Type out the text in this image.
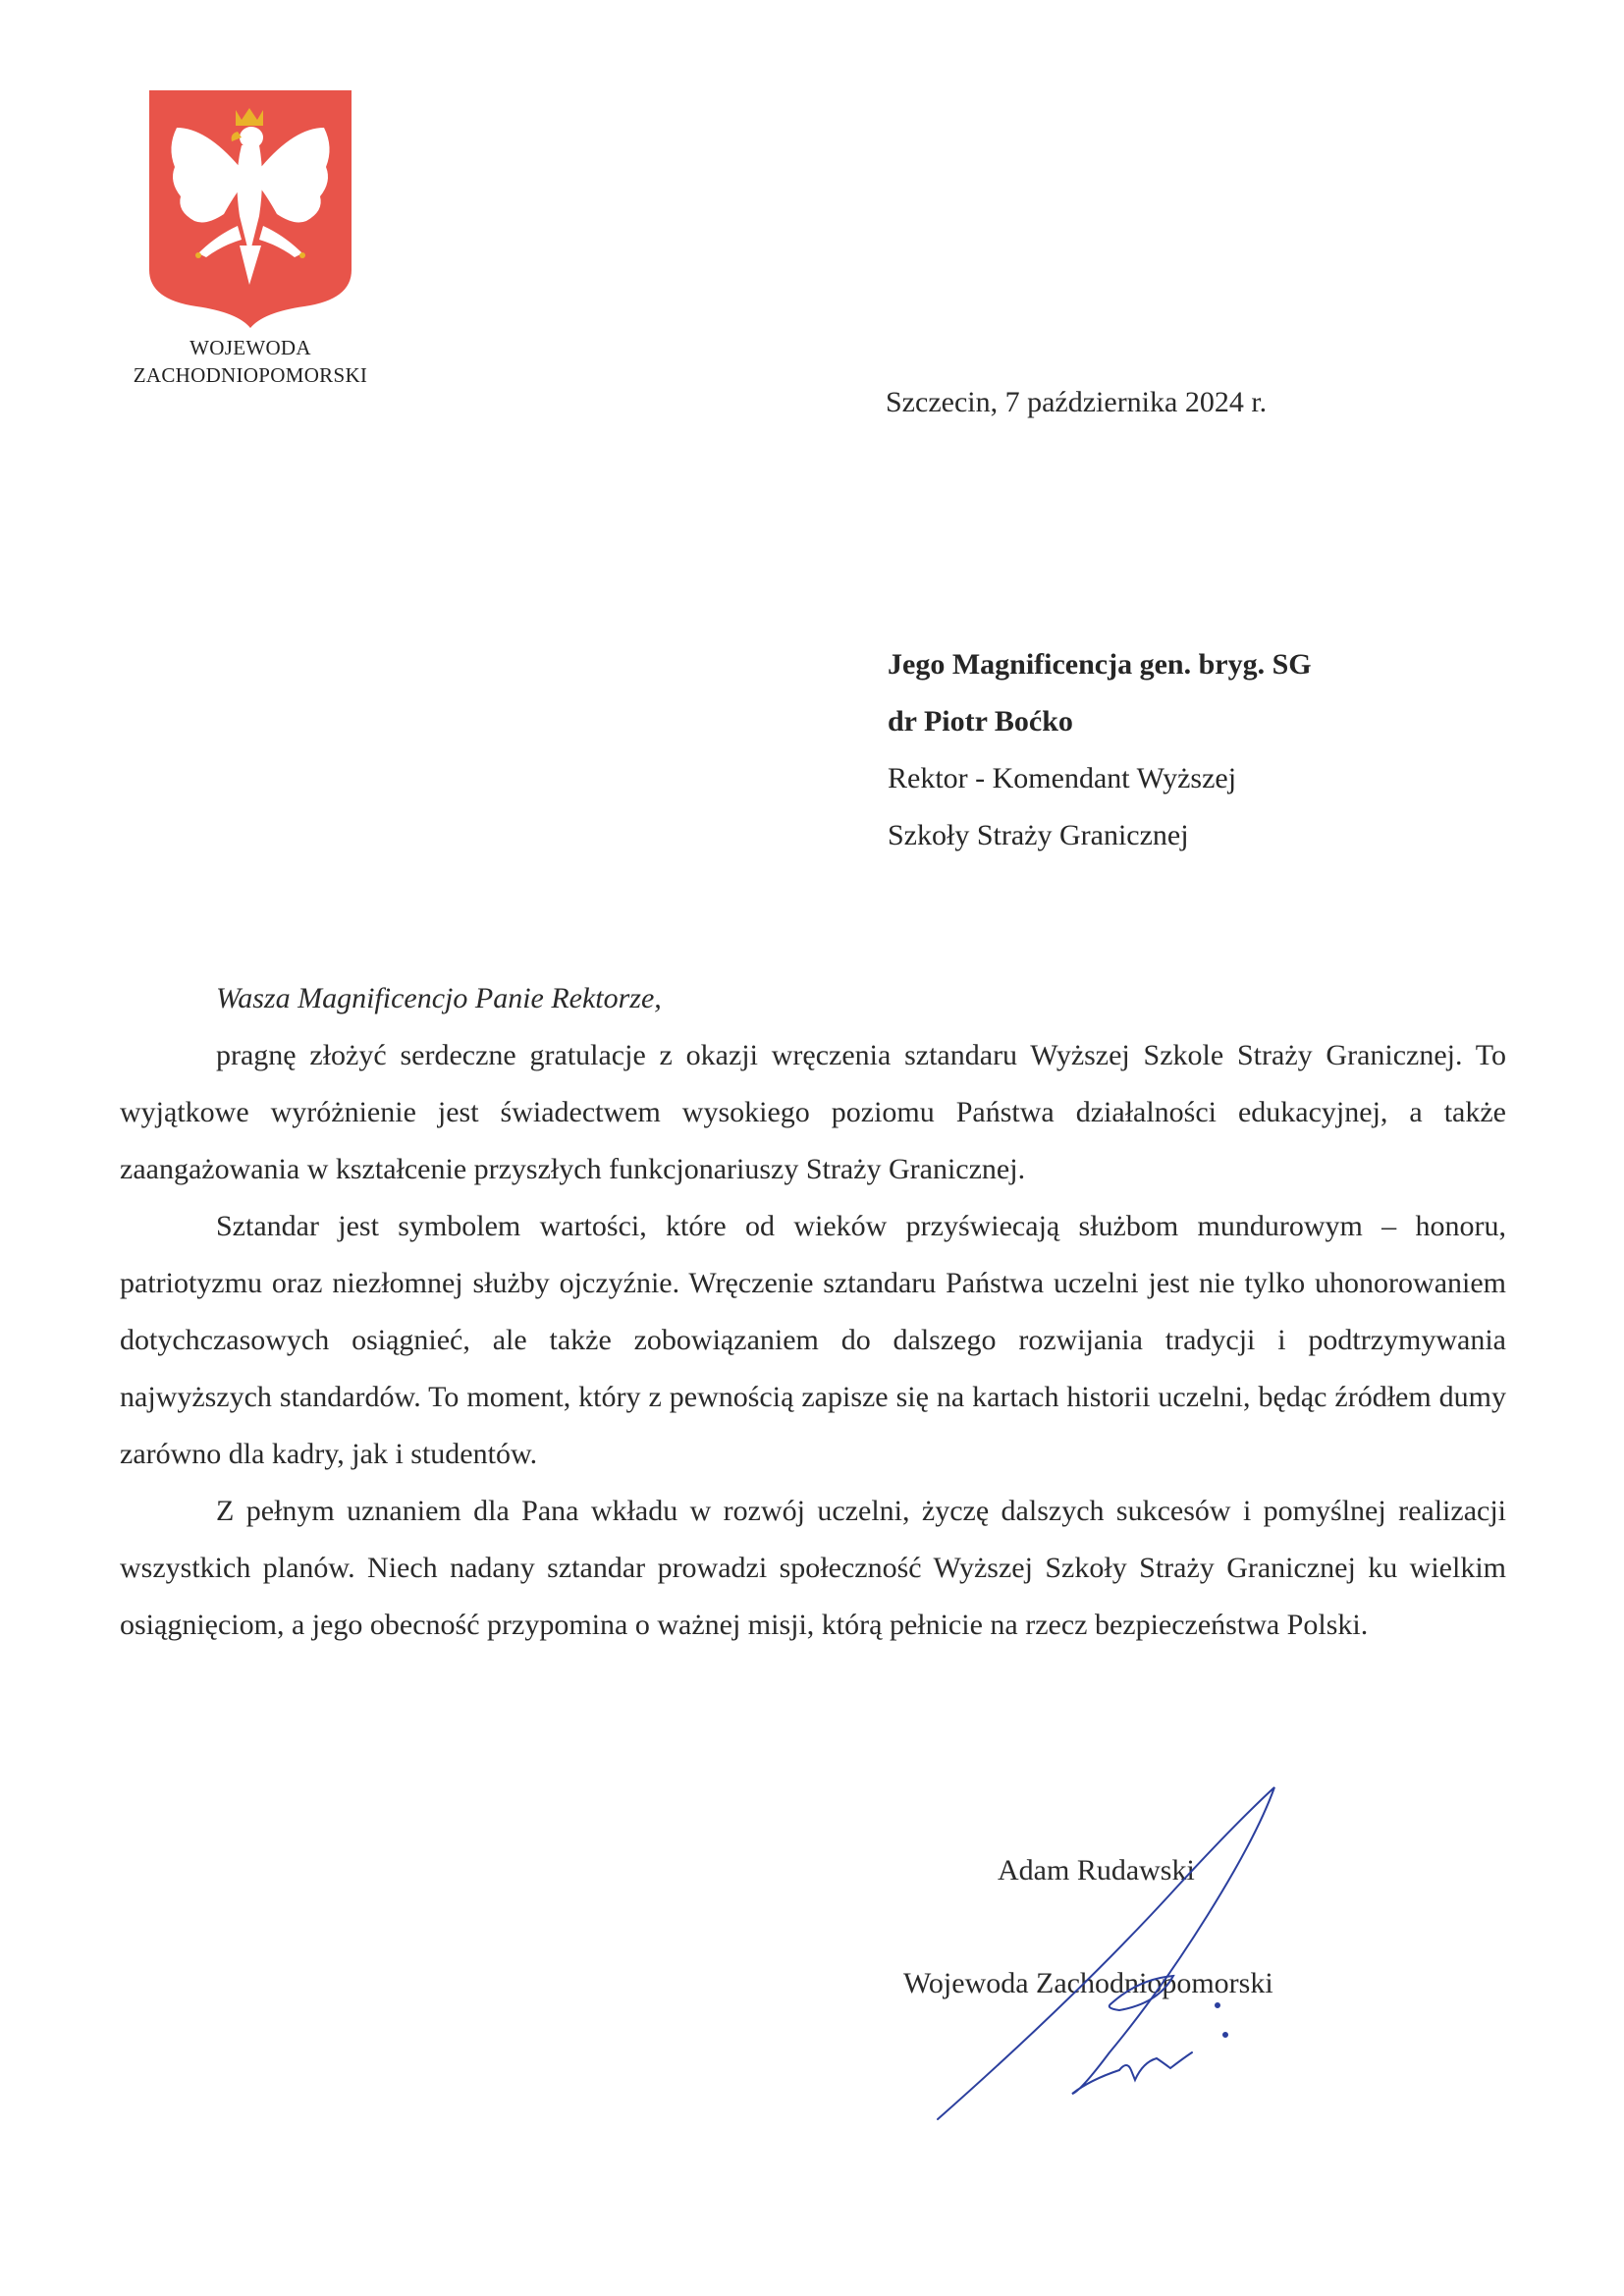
WOJEWODA
ZACHODNIOPOMORSKI
Szczecin, 7 października 2024 r.
Jego Magnificencja gen. bryg. SG
dr Piotr Boćko
Rektor - Komendant Wyższej
Szkoły Straży Granicznej
Wasza Magnificencjo Panie Rektorze,

pragnę złożyć serdeczne gratulacje z okazji wręczenia sztandaru Wyższej Szkole Straży Granicznej. To wyjątkowe wyróżnienie jest świadectwem wysokiego poziomu Państwa działalności edukacyjnej, a także zaangażowania w kształcenie przyszłych funkcjonariuszy Straży Granicznej.

Sztandar jest symbolem wartości, które od wieków przyświecają służbom mundurowym – honoru, patriotyzmu oraz niezłomnej służby ojczyźnie. Wręczenie sztandaru Państwa uczelni jest nie tylko uhonorowaniem dotychczasowych osiągnieć, ale także zobowiązaniem do dalszego rozwijania tradycji i podtrzymywania najwyższych standardów. To moment, który z pewnością zapisze się na kartach historii uczelni, będąc źródłem dumy zarówno dla kadry, jak i studentów.

Z pełnym uznaniem dla Pana wkładu w rozwój uczelni, życzę dalszych sukcesów i pomyślnej realizacji wszystkich planów. Niech nadany sztandar prowadzi społeczność Wyższej Szkoły Straży Granicznej ku wielkim osiągnięciom, a jego obecność przypomina o ważnej misji, którą pełnicie na rzecz bezpieczeństwa Polski.

Adam Rudawski
Wojewoda Zachodniopomorski
